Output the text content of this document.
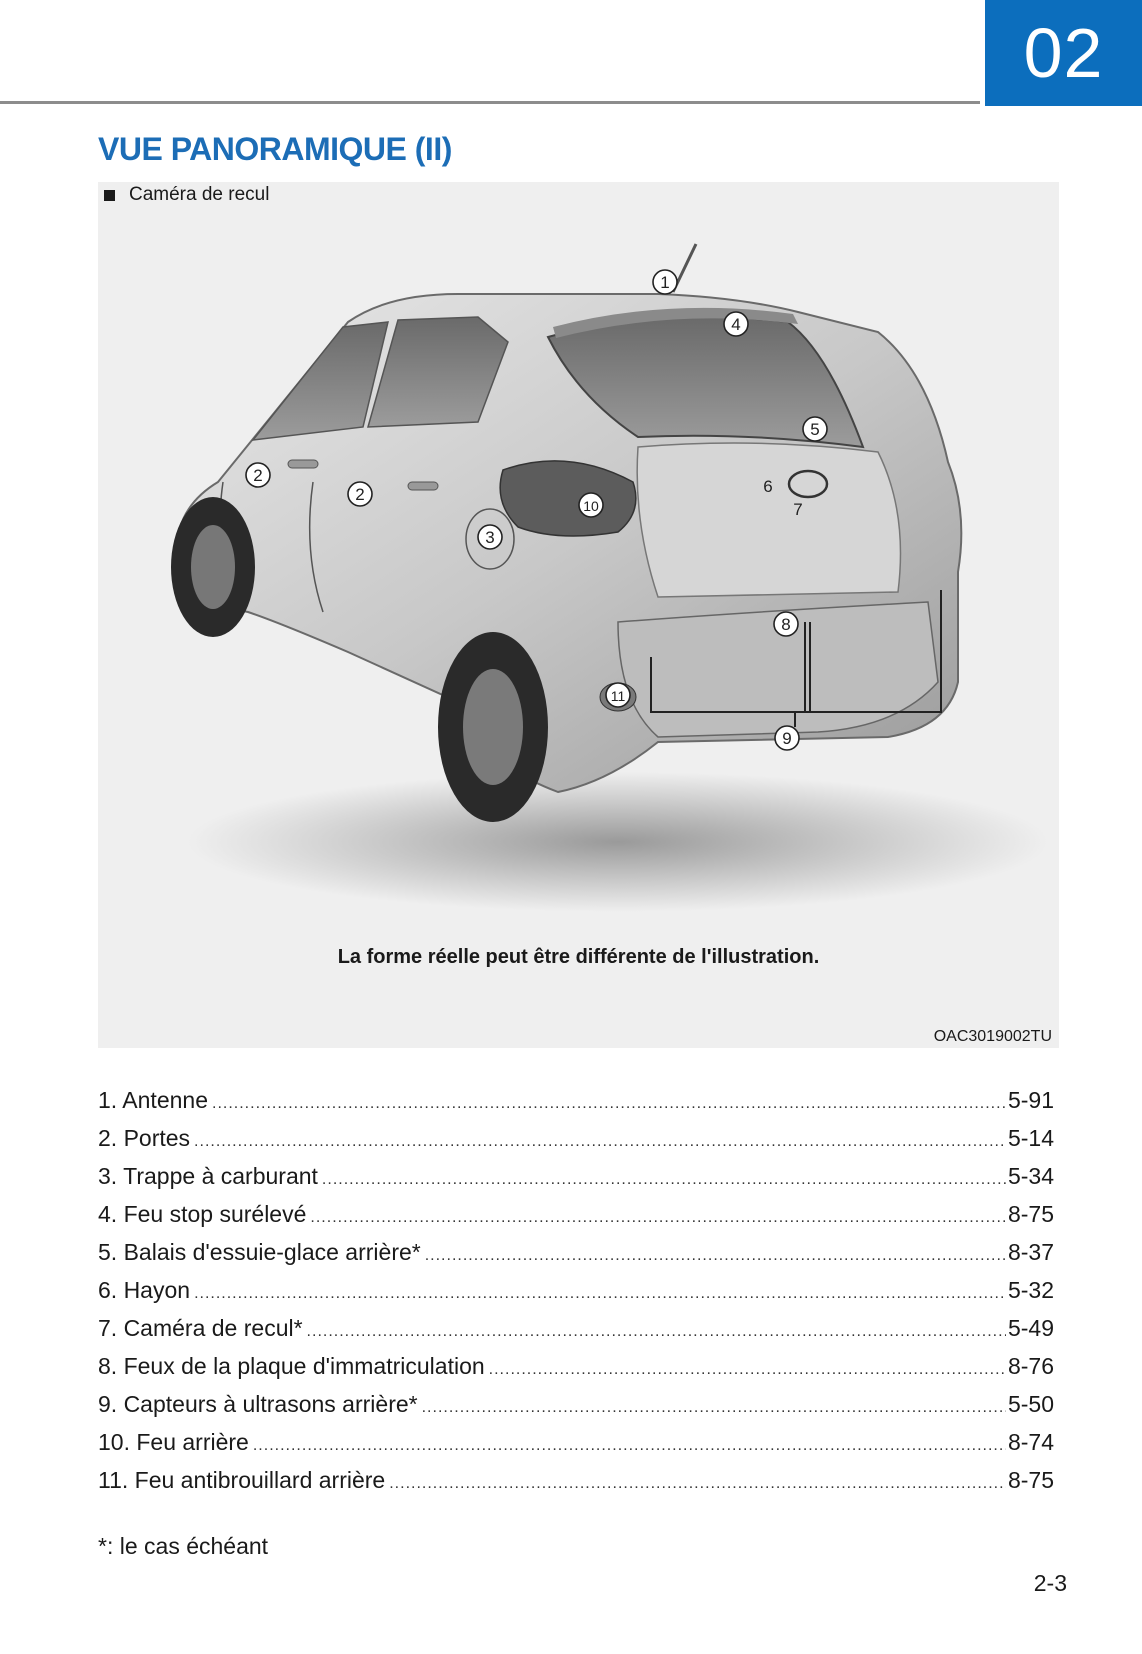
02
VUE PANORAMIQUE (II)
1
2
2
3
4
5
6
7
8
9
10
11
Caméra de recul
La forme réelle peut être différente de l'illustration.
OAC3019002TU
1. Antenne .....	5-91
2. Portes .....	5-14
3. Trappe à carburant .....	5-34
4. Feu stop surélevé .....	8-75
5. Balais d'essuie-glace arrière* .....	8-37
6. Hayon .....	5-32
7. Caméra de recul* .....	5-49
8. Feux de la plaque d'immatriculation .....	8-76
9. Capteurs à ultrasons arrière* .....	5-50
10. Feu arrière .....	8-74
11. Feu antibrouillard arrière .....	8-75

*: le cas échéant

2-3
